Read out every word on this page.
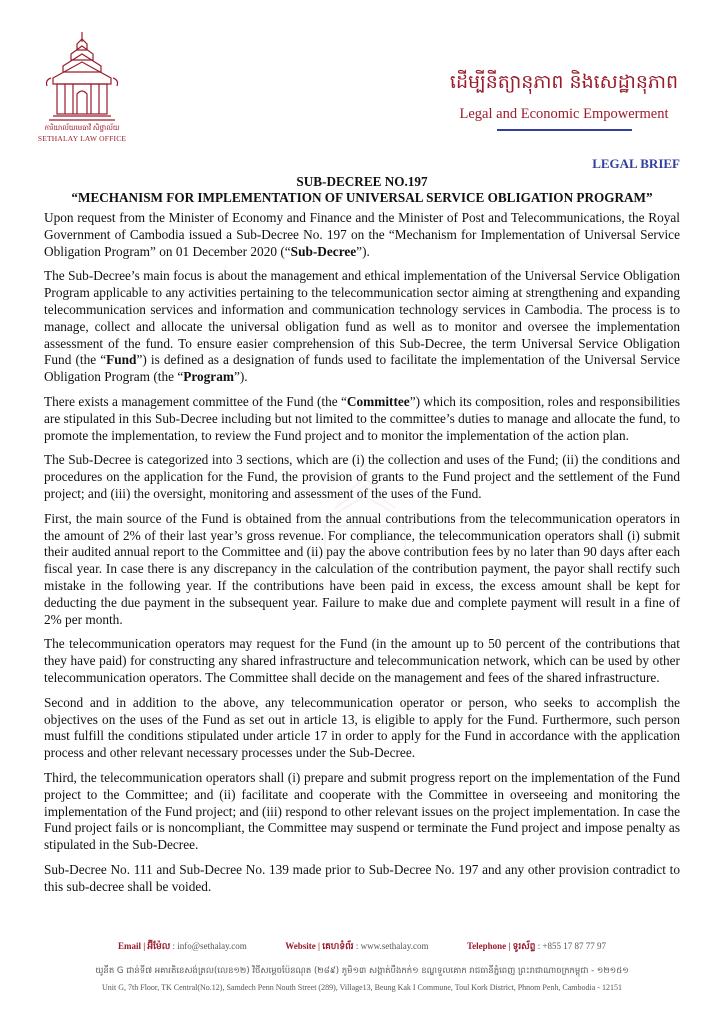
ការិយាល័យមេធាវី សិថ្ឋាល័យ
SETHALAY LAW OFFICE
ដើម្បីនីត្យានុភាព និងសេដ្ឋានុភាព
Legal and Economic Empowerment
LEGAL BRIEF
SUB-DECREE NO.197
“MECHANISM FOR IMPLEMENTATION OF UNIVERSAL SERVICE OBLIGATION PROGRAM”

Upon request from the Minister of Economy and Finance and the Minister of Post and Telecommunications, the Royal Government of Cambodia issued a Sub-Decree No. 197 on the “Mechanism for Implementation of Universal Service Obligation Program” on 01 December 2020 (“Sub-Decree”).

The Sub-Decree’s main focus is about the management and ethical implementation of the Universal Service Obligation Program applicable to any activities pertaining to the telecommunication sector aiming at strengthening and expanding telecommunication services and information and communication technology services in Cambodia. The process is to manage, collect and allocate the universal obligation fund as well as to monitor and oversee the implementation assessment of the fund. To ensure easier comprehension of this Sub-Decree, the term Universal Service Obligation Fund (the “Fund”) is defined as a designation of funds used to facilitate the implementation of the Universal Service Obligation Program (the “Program”).

There exists a management committee of the Fund (the “Committee”) which its composition, roles and responsibilities are stipulated in this Sub-Decree including but not limited to the committee’s duties to manage and allocate the fund, to promote the implementation, to review the Fund project and to monitor the implementation of the action plan.

The Sub-Decree is categorized into 3 sections, which are (i) the collection and uses of the Fund; (ii) the conditions and procedures on the application for the Fund, the provision of grants to the Fund project and the settlement of the Fund project; and (iii) the oversight, monitoring and assessment of the uses of the Fund.

First, the main source of the Fund is obtained from the annual contributions from the telecommunication operators in the amount of 2% of their last year’s gross revenue. For compliance, the telecommunication operators shall (i) submit their audited annual report to the Committee and (ii) pay the above contribution fees by no later than 90 days after each fiscal year. In case there is any discrepancy in the calculation of the contribution payment, the payor shall rectify such mistake in the following year. If the contributions have been paid in excess, the excess amount shall be kept for deducting the due payment in the subsequent year. Failure to make due and complete payment will result in a fine of 2% per month.

The telecommunication operators may request for the Fund (in the amount up to 50 percent of the contributions that they have paid) for constructing any shared infrastructure and telecommunication network, which can be used by other telecommunication operators. The Committee shall decide on the management and fees of the shared infrastructure.

Second and in addition to the above, any telecommunication operator or person, who seeks to accomplish the objectives on the uses of the Fund as set out in article 13, is eligible to apply for the Fund. Furthermore, such person must fulfill the conditions stipulated under article 17 in order to apply for the Fund in accordance with the application process and other relevant necessary processes under the Sub-Decree.

Third, the telecommunication operators shall (i) prepare and submit progress report on the implementation of the Fund project to the Committee; and (ii) facilitate and cooperate with the Committee in overseeing and monitoring the implementation of the Fund project; and (iii) respond to other relevant issues on the project implementation. In case the Fund project fails or is noncompliant, the Committee may suspend or terminate the Fund project and impose penalty as stipulated in the Sub-Decree.

Sub-Decree No. 111 and Sub-Decree No. 139 made prior to Sub-Decree No. 197 and any other provision contradict to this sub-decree shall be voided.

Email | អ៊ីម៉ែល : info@sethalay.com	Website | គេហទំព័រ : www.sethalay.com	Telephone | ទូរស័ព្ទ : +855 17 87 77 97
យូនីត G ជាន់ទី៧ អគារតិខេសង់ត្រល(លេខ១២) វិថីសម្តេចប៉ែនណុត (២៨៩) ភូមិ១៣ សង្កាត់បឹងកក់១ ខណ្ឌទួលគោក រាជធានីភ្នំពេញ ព្រះរាជាណាចក្រកម្ពុជា - ១២១៥១
Unit G, 7th Floor, TK Central(No.12), Samdech Penn Nouth Street (289), Village13, Beung Kak I Commune, Toul Kork District, Phnom Penh, Cambodia - 12151
